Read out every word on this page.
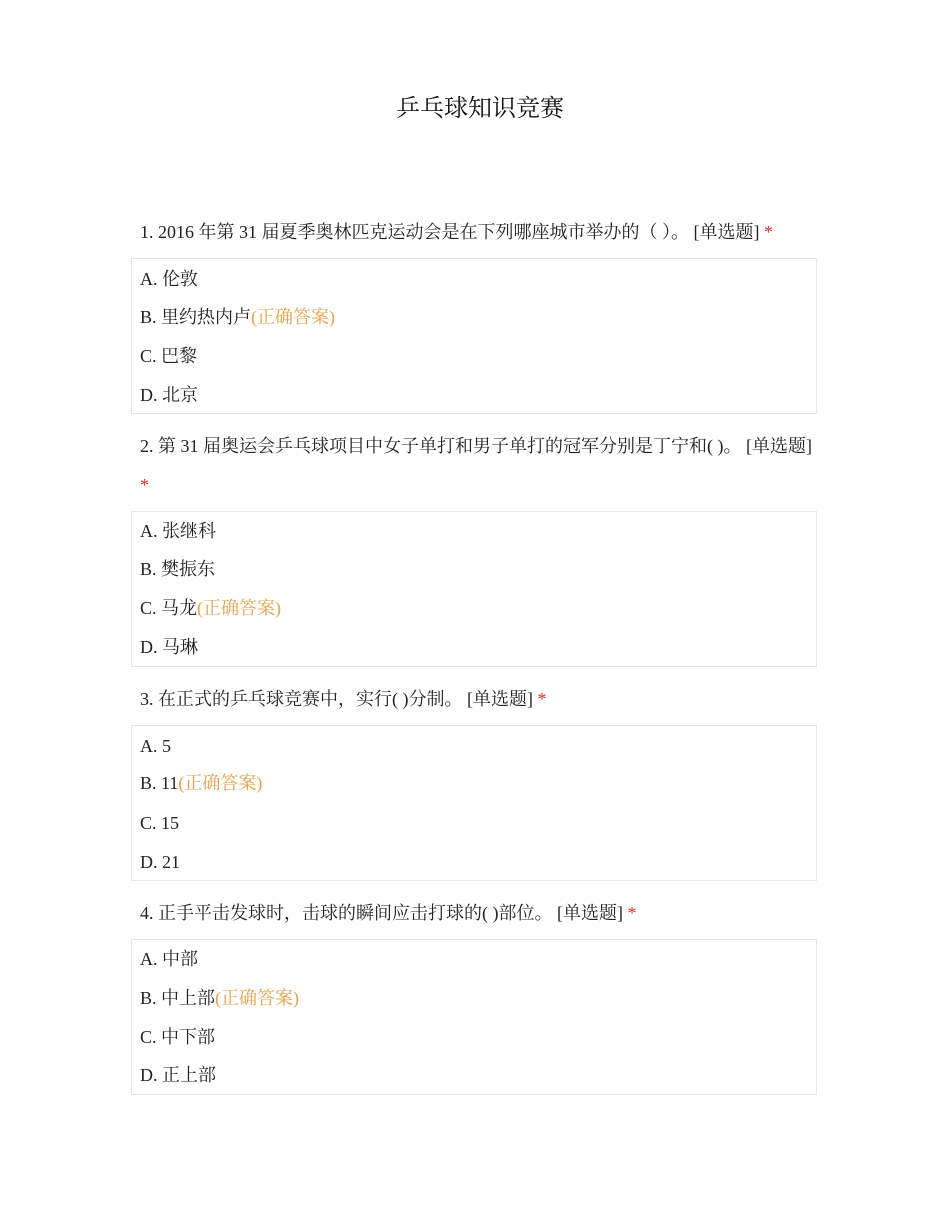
乒乓球知识竞赛
1. 2016 年第 31 届夏季奥林匹克运动会是在下列哪座城市举办的（ ）。 [单选题] *
A. 伦敦
B. 里约热内卢(正确答案)
C. 巴黎
D. 北京
2. 第 31 届奥运会乒乓球项目中女子单打和男子单打的冠军分别是丁宁和( )。 [单选题] *
A. 张继科
B. 樊振东
C. 马龙(正确答案)
D. 马琳
3. 在正式的乒乓球竞赛中，实行( )分制。 [单选题] *
A. 5
B. 11(正确答案)
C. 15
D. 21
4. 正手平击发球时，击球的瞬间应击打球的( )部位。 [单选题] *
A. 中部
B. 中上部(正确答案)
C. 中下部
D. 正上部
